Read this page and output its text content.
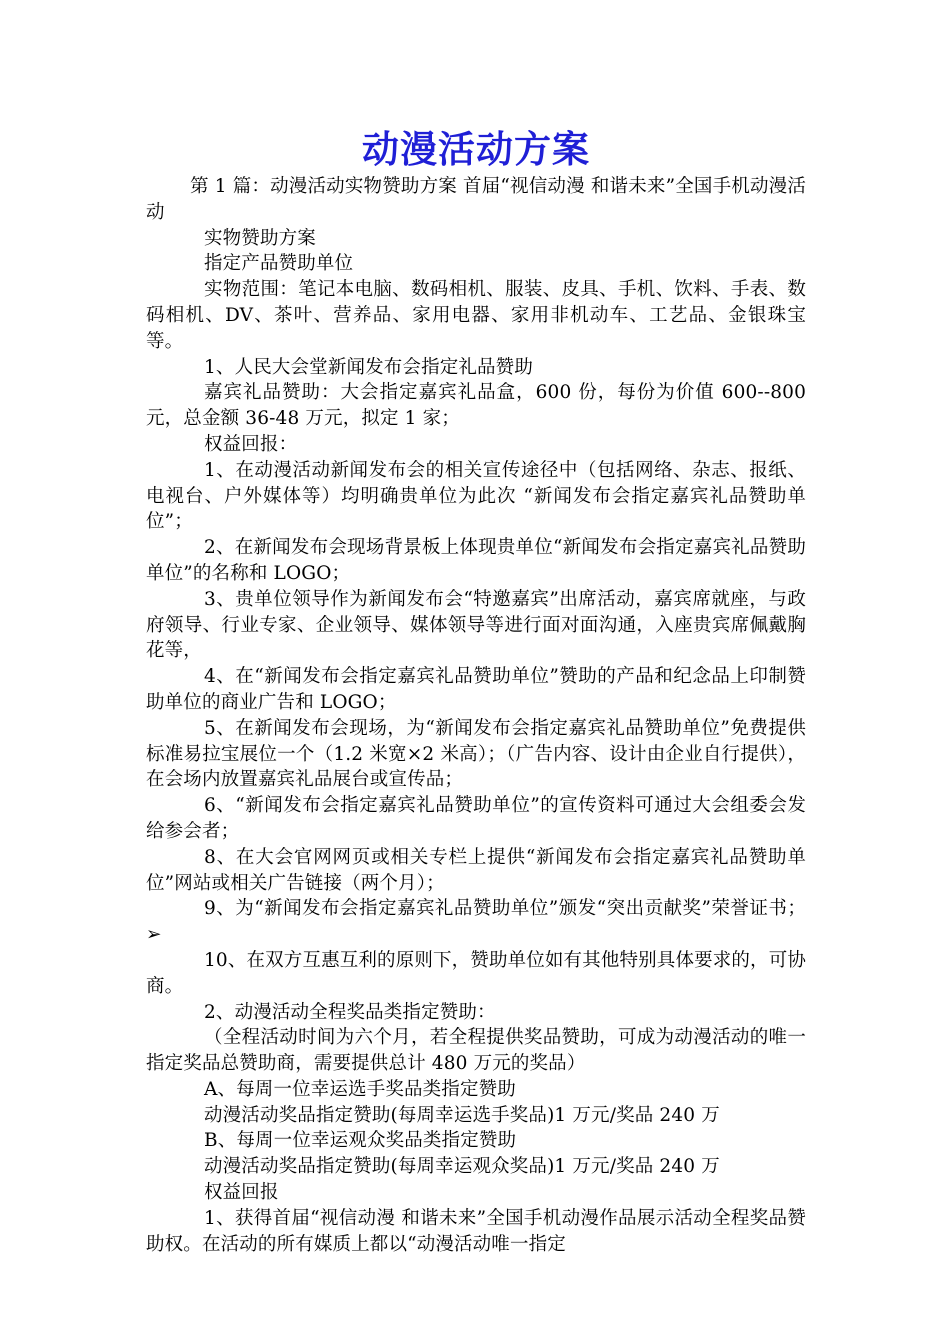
动漫活动方案

第 1 篇：动漫活动实物赞助方案 首届“视信动漫 和谐未来”全国手机动漫活动

实物赞助方案

指定产品赞助单位

实物范围：笔记本电脑、数码相机、服装、皮具、手机、饮料、手表、数码相机、DV、茶叶、营养品、家用电器、家用非机动车、工艺品、金银珠宝等。

1、人民大会堂新闻发布会指定礼品赞助

嘉宾礼品赞助：大会指定嘉宾礼品盒，600 份，每份为价值 600--800 元，总金额 36-48 万元，拟定 1 家；

权益回报：

1、在动漫活动新闻发布会的相关宣传途径中（包括网络、杂志、报纸、电视台、户外媒体等）均明确贵单位为此次 “新闻发布会指定嘉宾礼品赞助单位”；

2、在新闻发布会现场背景板上体现贵单位“新闻发布会指定嘉宾礼品赞助单位”的名称和 LOGO；

3、贵单位领导作为新闻发布会“特邀嘉宾”出席活动，嘉宾席就座，与政府领导、行业专家、企业领导、媒体领导等进行面对面沟通，入座贵宾席佩戴胸花等，

4、在“新闻发布会指定嘉宾礼品赞助单位”赞助的产品和纪念品上印制赞助单位的商业广告和 LOGO；

5、在新闻发布会现场，为“新闻发布会指定嘉宾礼品赞助单位”免费提供标准易拉宝展位一个（1.2 米宽×2 米高）；（广告内容、设计由企业自行提供），在会场内放置嘉宾礼品展台或宣传品；

6、“新闻发布会指定嘉宾礼品赞助单位”的宣传资料可通过大会组委会发给参会者；

8、在大会官网网页或相关专栏上提供“新闻发布会指定嘉宾礼品赞助单位”网站或相关广告链接（两个月）；

9、为“新闻发布会指定嘉宾礼品赞助单位”颁发“突出贡献奖”荣誉证书；➢

10、在双方互惠互利的原则下，赞助单位如有其他特别具体要求的，可协商。

2、动漫活动全程奖品类指定赞助：

（全程活动时间为六个月，若全程提供奖品赞助，可成为动漫活动的唯一指定奖品总赞助商，需要提供总计 480 万元的奖品）

A、每周一位幸运选手奖品类指定赞助

动漫活动奖品指定赞助(每周幸运选手奖品)1 万元/奖品 240 万

B、每周一位幸运观众奖品类指定赞助

动漫活动奖品指定赞助(每周幸运观众奖品)1 万元/奖品 240 万

权益回报

1、获得首届“视信动漫 和谐未来”全国手机动漫作品展示活动全程奖品赞助权。在活动的所有媒质上都以“动漫活动唯一指定
